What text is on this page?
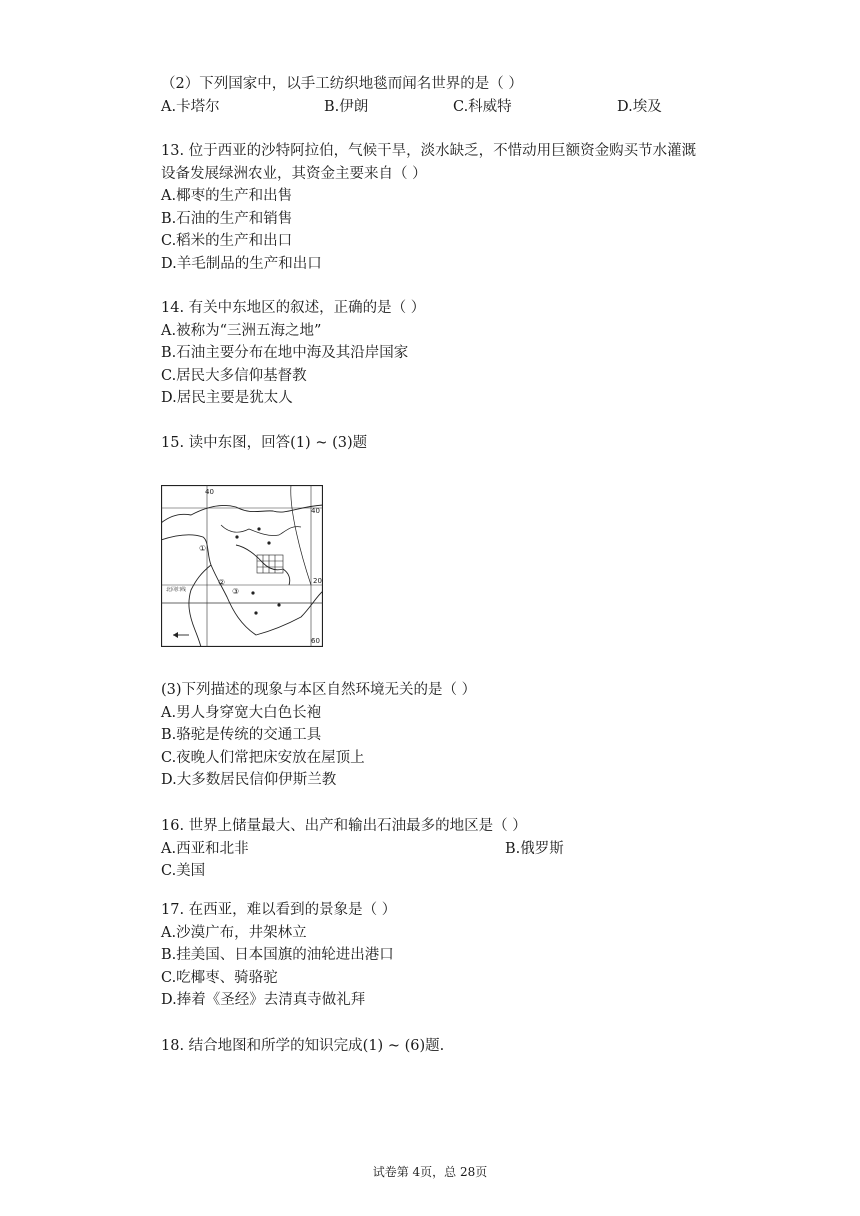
（2）下列国家中，以手工纺织地毯而闻名世界的是（ ）
A.卡塔尔	B.伊朗	C.科威特	D.埃及
13. 位于西亚的沙特阿拉伯，气候干旱，淡水缺乏，不惜动用巨额资金购买节水灌溉
设备发展绿洲农业，其资金主要来自（ ）
A.椰枣的生产和出售
B.石油的生产和销售
C.稻米的生产和出口
D.羊毛制品的生产和出口
14. 有关中东地区的叙述，正确的是（ ）
A.被称为“三洲五海之地”
B.石油主要分布在地中海及其沿岸国家
C.居民大多信仰基督教
D.居民主要是犹太人
15. 读中东图，回答(1) ~ (3)题
40
40
20
60
北回归线
①
②
③
(3)下列描述的现象与本区自然环境无关的是（ ）
A.男人身穿宽大白色长袍
B.骆驼是传统的交通工具
C.夜晚人们常把床安放在屋顶上
D.大多数居民信仰伊斯兰教
16. 世界上储量最大、出产和输出石油最多的地区是（ ）
A.西亚和北非	B.俄罗斯
C.美国
17. 在西亚，难以看到的景象是（ ）
A.沙漠广布，井架林立
B.挂美国、日本国旗的油轮进出港口
C.吃椰枣、骑骆驼
D.捧着《圣经》去清真寺做礼拜
18. 结合地图和所学的知识完成(1) ~ (6)题.
试卷第 4页，总 28页
